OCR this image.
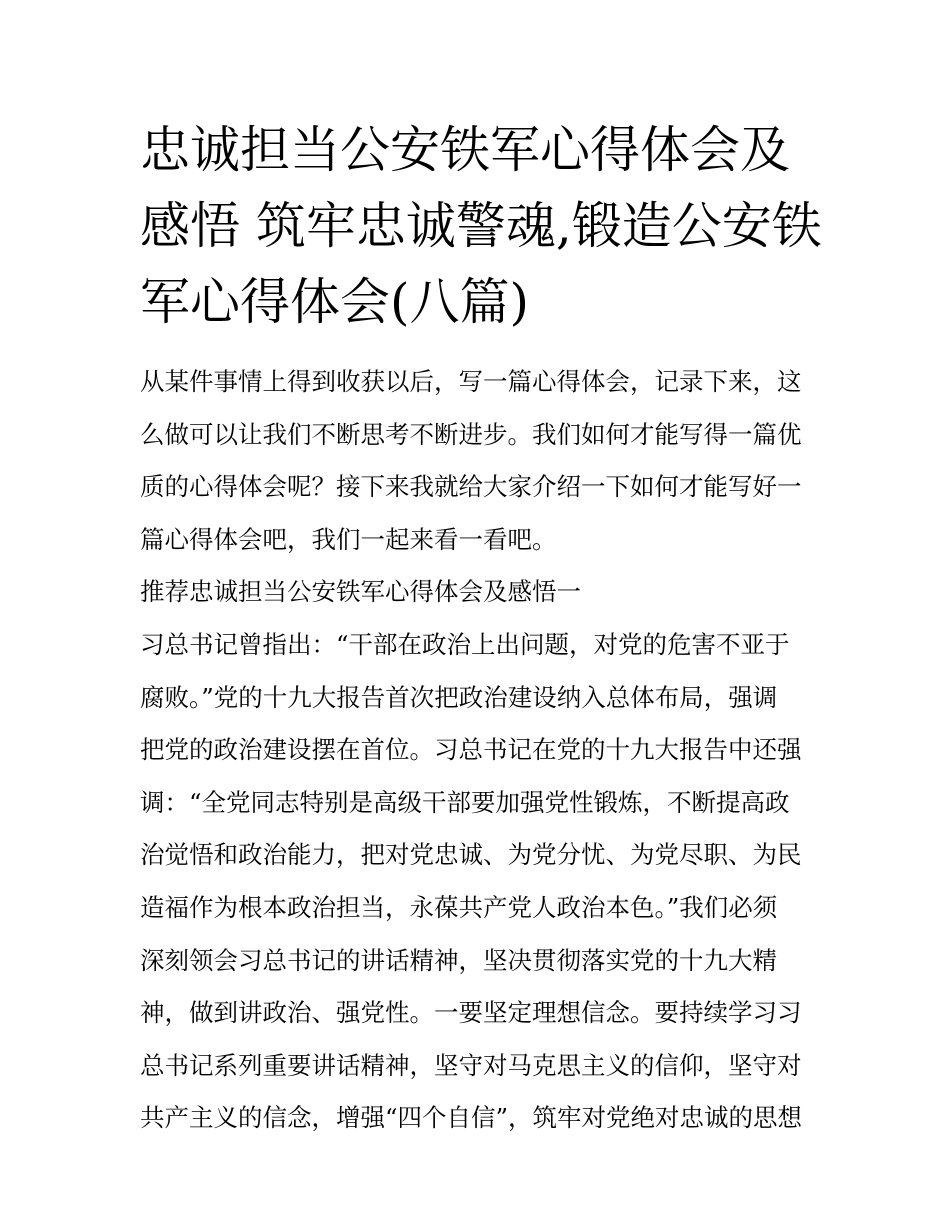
忠诚担当公安铁军心得体会及
感悟 筑牢忠诚警魂,锻造公安铁
军心得体会(八篇)
从某件事情上得到收获以后，写一篇心得体会，记录下来，这
么做可以让我们不断思考不断进步。我们如何才能写得一篇优
质的心得体会呢？接下来我就给大家介绍一下如何才能写好一
篇心得体会吧，我们一起来看一看吧。
推荐忠诚担当公安铁军心得体会及感悟一
习总书记曾指出：“干部在政治上出问题，对党的危害不亚于
腐败。”党的十九大报告首次把政治建设纳入总体布局，强调
把党的政治建设摆在首位。习总书记在党的十九大报告中还强
调：“全党同志特别是高级干部要加强党性锻炼，不断提高政
治觉悟和政治能力，把对党忠诚、为党分忧、为党尽职、为民
造福作为根本政治担当，永葆共产党人政治本色。”我们必须
深刻领会习总书记的讲话精神，坚决贯彻落实党的十九大精
神，做到讲政治、强党性。一要坚定理想信念。要持续学习习
总书记系列重要讲话精神，坚守对马克思主义的信仰，坚守对
共产主义的信念，增强“四个自信”，筑牢对党绝对忠诚的思想
